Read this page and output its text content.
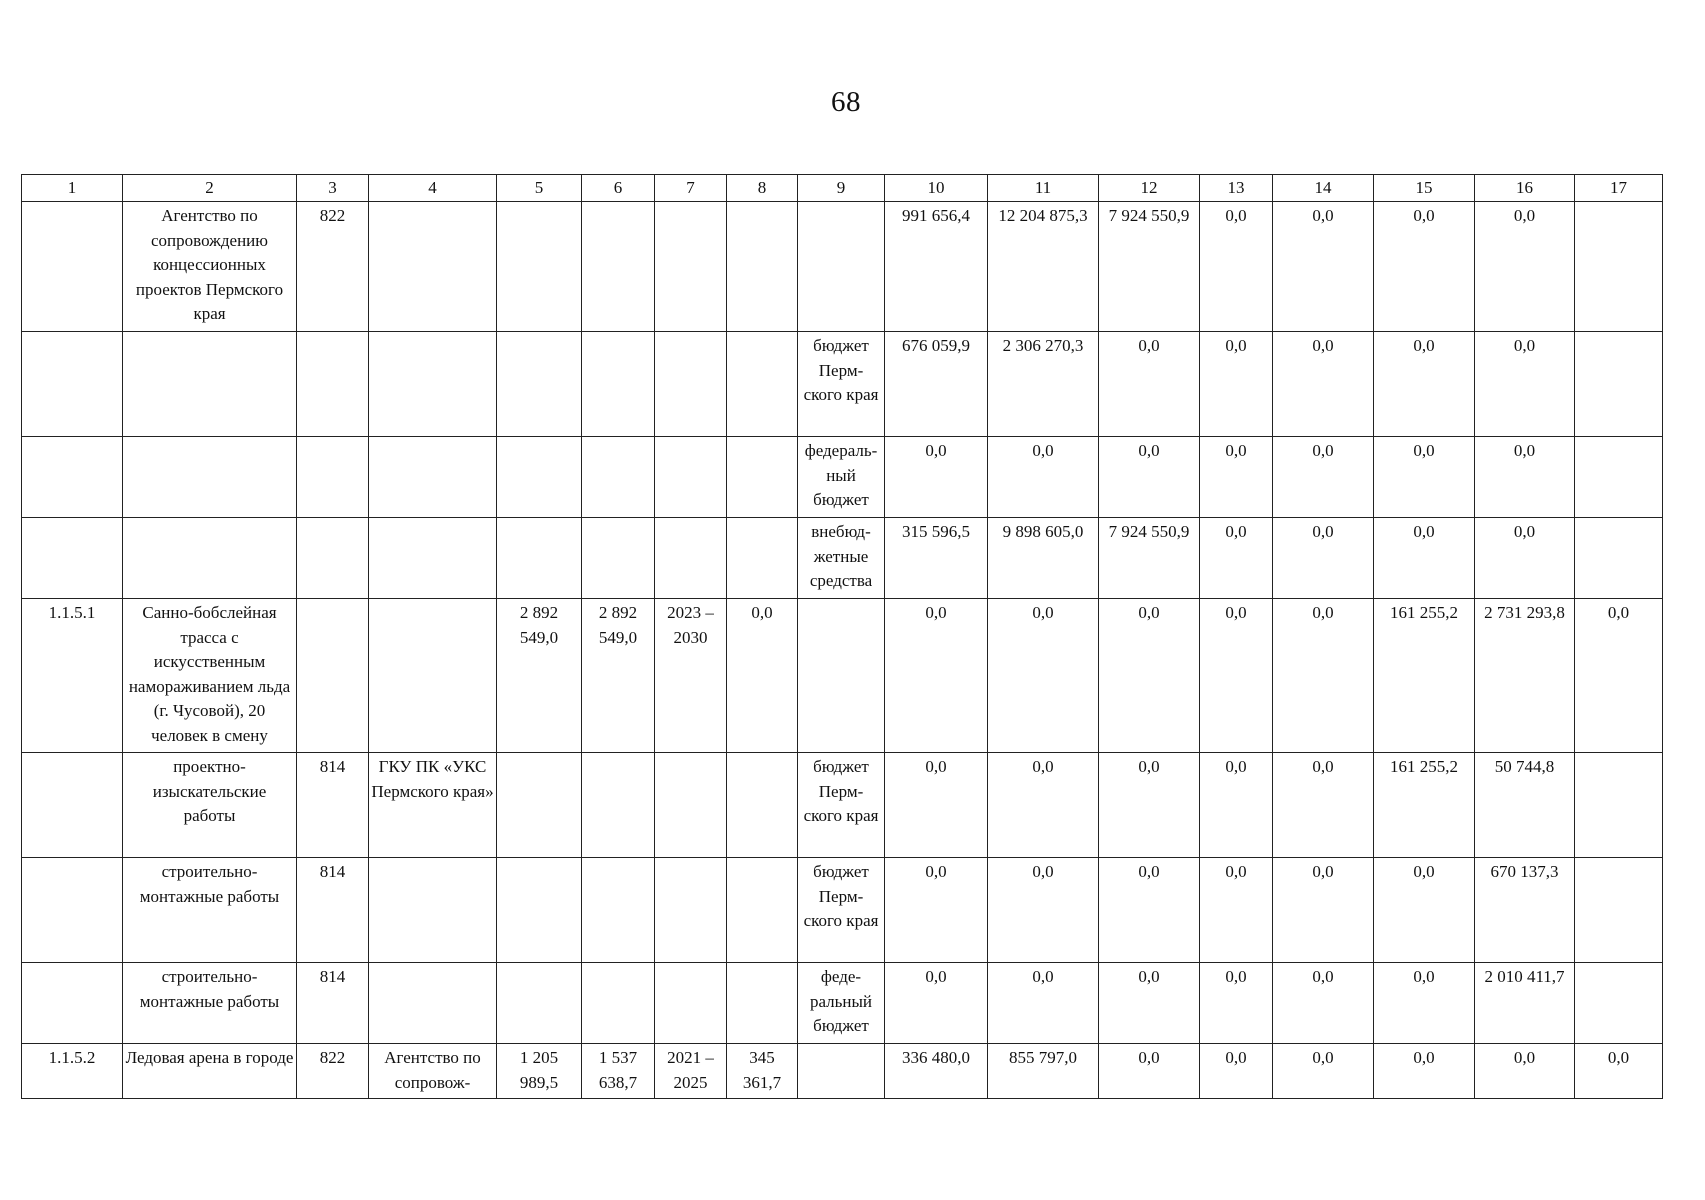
68
1	2	3	4	5	6	7	8	9	10	11	12	13	14	15	16	17
	Агентство по сопровождению концессионных проектов Пермского края	822							991 656,4	12 204 875,3	7 924 550,9	0,0	0,0	0,0	0,0	
								бюджет Перм-ского края	676 059,9	2 306 270,3	0,0	0,0	0,0	0,0	0,0	
								федераль-ный бюджет	0,0	0,0	0,0	0,0	0,0	0,0	0,0	
								внебюд-жетные средства	315 596,5	9 898 605,0	7 924 550,9	0,0	0,0	0,0	0,0	
1.1.5.1	Санно-бобслейная трасса с искусственным намораживанием льда (г. Чусовой), 20 человек в смену			2 892 549,0	2 892 549,0	2023 – 2030	0,0		0,0	0,0	0,0	0,0	0,0	161 255,2	2 731 293,8	0,0
	проектно-изыскательские работы	814	ГКУ ПК «УКС Пермского края»					бюджет Перм-ского края	0,0	0,0	0,0	0,0	0,0	161 255,2	50 744,8	
	строительно-монтажные работы	814						бюджет Перм-ского края	0,0	0,0	0,0	0,0	0,0	0,0	670 137,3	
	строительно-монтажные работы	814						феде-ральный бюджет	0,0	0,0	0,0	0,0	0,0	0,0	2 010 411,7	
1.1.5.2	Ледовая арена в городе	822	Агентство по сопровож-	1 205 989,5	1 537 638,7	2021 – 2025	345 361,7		336 480,0	855 797,0	0,0	0,0	0,0	0,0	0,0	0,0
